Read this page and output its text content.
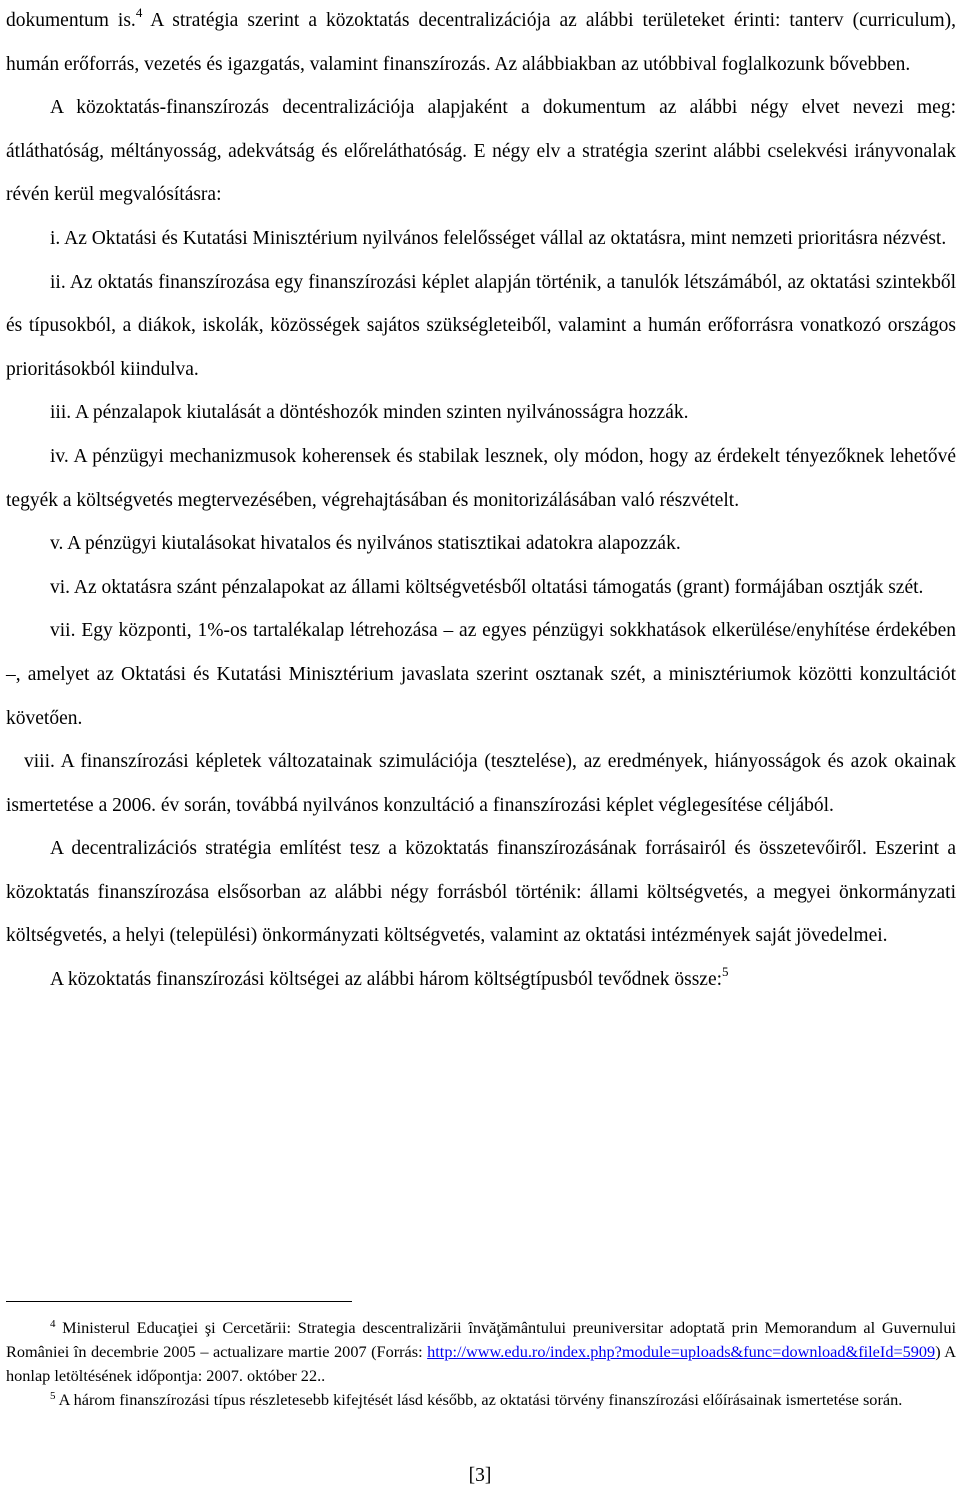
dokumentum is.$^4$ A stratégia szerint a közoktatás decentralizációja az alábbi területeket érinti: tanterv (curriculum), humán erőforrás, vezetés és igazgatás, valamint finanszírozás. Az alábbiakban az utóbbival foglalkozunk bővebben.

A közoktatás-finanszírozás decentralizációja alapjaként a dokumentum az alábbi négy elvet nevezi meg: átláthatóság, méltányosság, adekvátság és előreláthatóság. E négy elv a stratégia szerint alábbi cselekvési irányvonalak révén kerül megvalósításra:

i. Az Oktatási és Kutatási Minisztérium nyilvános felelősséget vállal az oktatásra, mint nemzeti prioritásra nézvést.

ii. Az oktatás finanszírozása egy finanszírozási képlet alapján történik, a tanulók létszámából, az oktatási szintekből és típusokból, a diákok, iskolák, közösségek sajátos szükségleteiből, valamint a humán erőforrásra vonatkozó országos prioritásokból kiindulva.

iii. A pénzalapok kiutalását a döntéshozók minden szinten nyilvánosságra hozzák.

iv. A pénzügyi mechanizmusok koherensek és stabilak lesznek, oly módon, hogy az érdekelt tényezőknek lehetővé tegyék a költségvetés megtervezésében, végrehajtásában és monitorizálásában való részvételt.

v. A pénzügyi kiutalásokat hivatalos és nyilvános statisztikai adatokra alapozzák.

vi. Az oktatásra szánt pénzalapokat az állami költségvetésből oltatási támogatás (grant) formájában osztják szét.

vii. Egy központi, 1%-os tartalékalap létrehozása – az egyes pénzügyi sokkhatások elkerülése/enyhítése érdekében –, amelyet az Oktatási és Kutatási Minisztérium javaslata szerint osztanak szét, a minisztériumok közötti konzultációt követően.

viii. A finanszírozási képletek változatainak szimulációja (tesztelése), az eredmények, hiányosságok és azok okainak ismertetése a 2006. év során, továbbá nyilvános konzultáció a finanszírozási képlet véglegesítése céljából.

A decentralizációs stratégia említést tesz a közoktatás finanszírozásának forrásairól és összetevőiről. Eszerint a közoktatás finanszírozása elsősorban az alábbi négy forrásból történik: állami költségvetés, a megyei önkormányzati költségvetés, a helyi (települési) önkormányzati költségvetés, valamint az oktatási intézmények saját jövedelmei.

A közoktatás finanszírozási költségei az alábbi három költségtípusból tevődnek össze:$^5$

$^4$ Ministerul Educaţiei şi Cercetării: Strategia descentralizării învăţământului preuniversitar adoptată prin Memorandum al Guvernului României în decembrie 2005 – actualizare martie 2007 (Forrás: http://www.edu.ro/index.php?module=uploads&func=download&fileId=5909) A honlap letöltésének időpontja: 2007. október 22..

$^5$ A három finanszírozási típus részletesebb kifejtését lásd később, az oktatási törvény finanszírozási előírásainak ismertetése során.

[3]
